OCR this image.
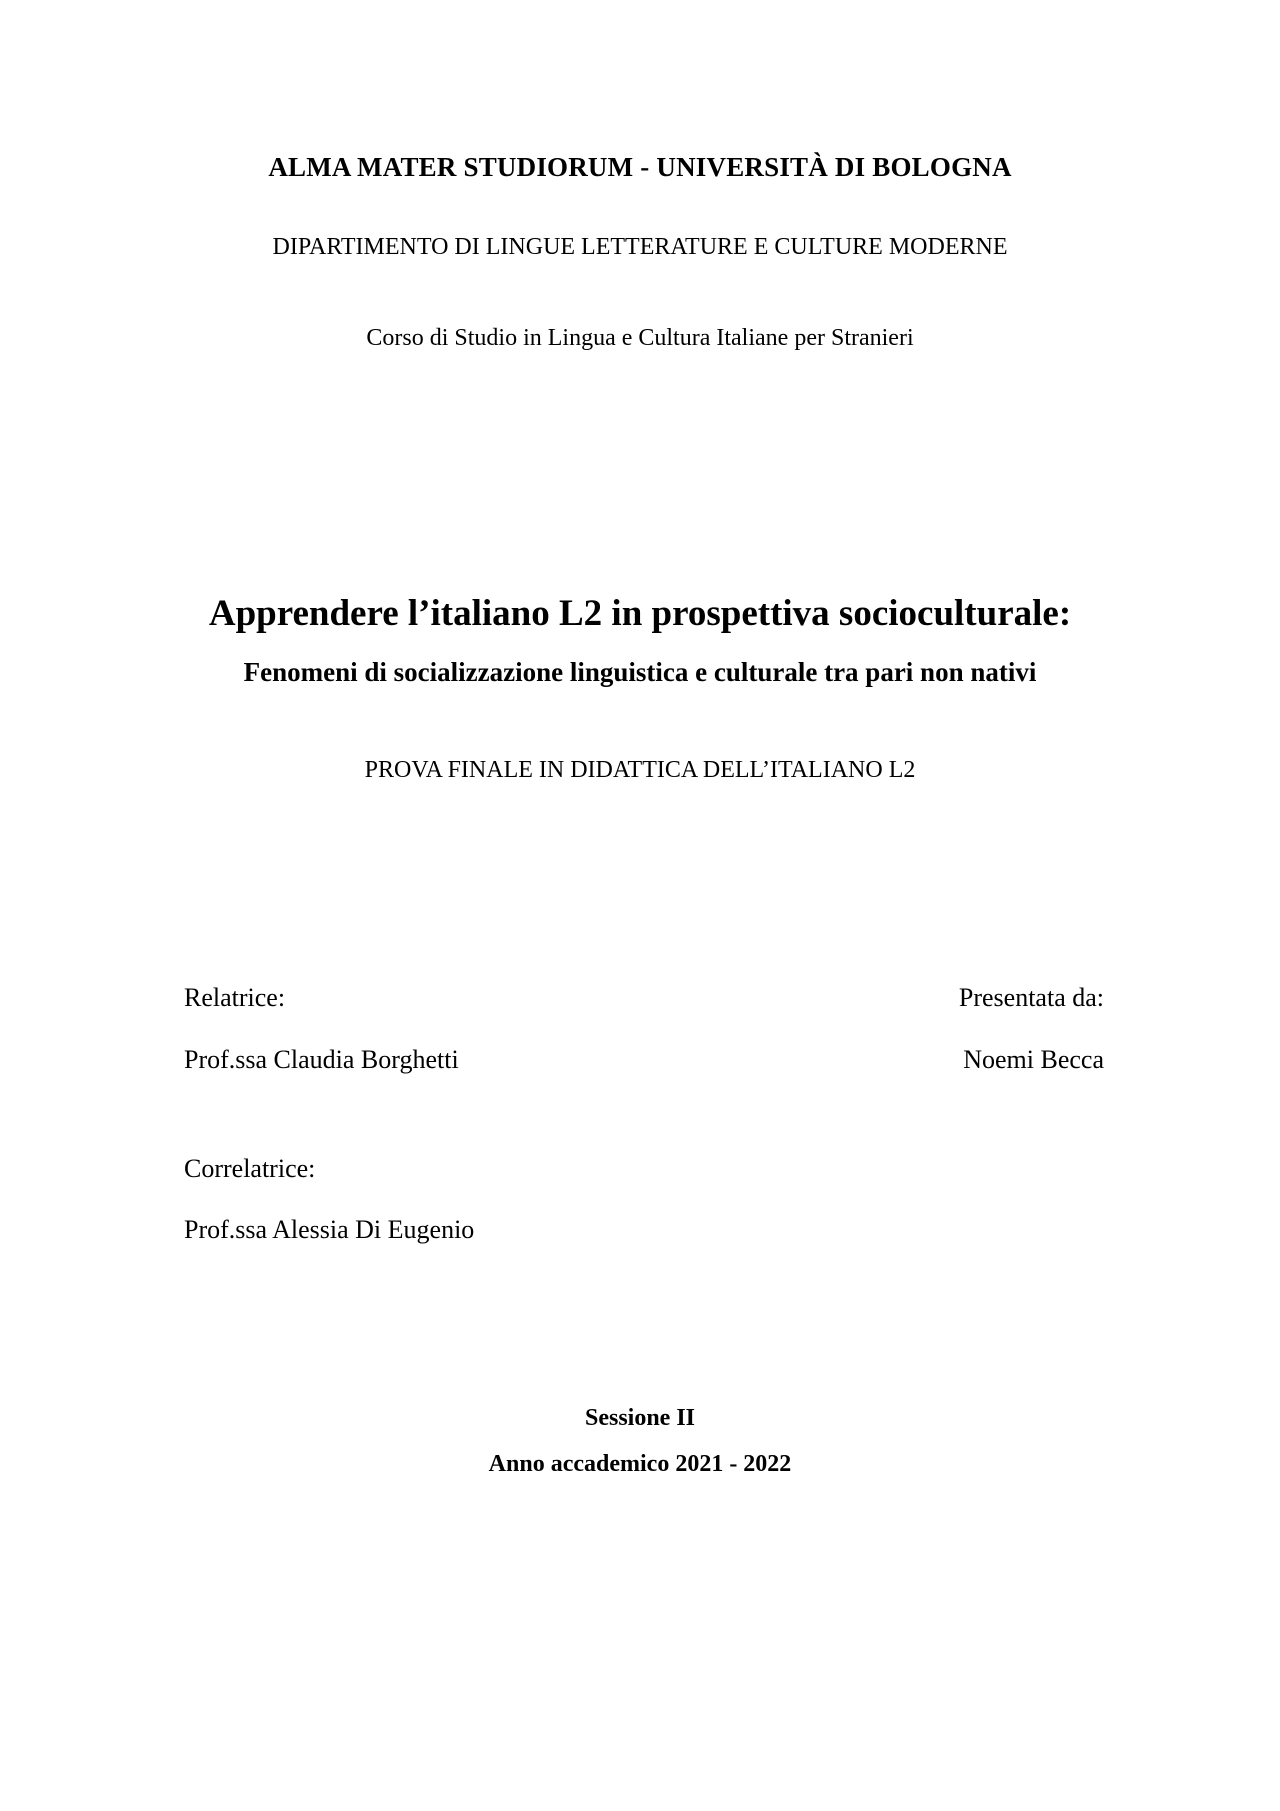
ALMA MATER STUDIORUM - UNIVERSITÀ DI BOLOGNA

DIPARTIMENTO DI LINGUE LETTERATURE E CULTURE MODERNE

Corso di Studio in Lingua e Cultura Italiane per Stranieri

Apprendere l’italiano L2 in prospettiva socioculturale:
Fenomeni di socializzazione linguistica e culturale tra pari non nativi

PROVA FINALE IN DIDATTICA DELL’ITALIANO L2

Relatrice:

Prof.ssa Claudia Borghetti

Correlatrice:

Prof.ssa Alessia Di Eugenio

Presentata da:

Noemi Becca

Sessione II

Anno accademico 2021 - 2022
